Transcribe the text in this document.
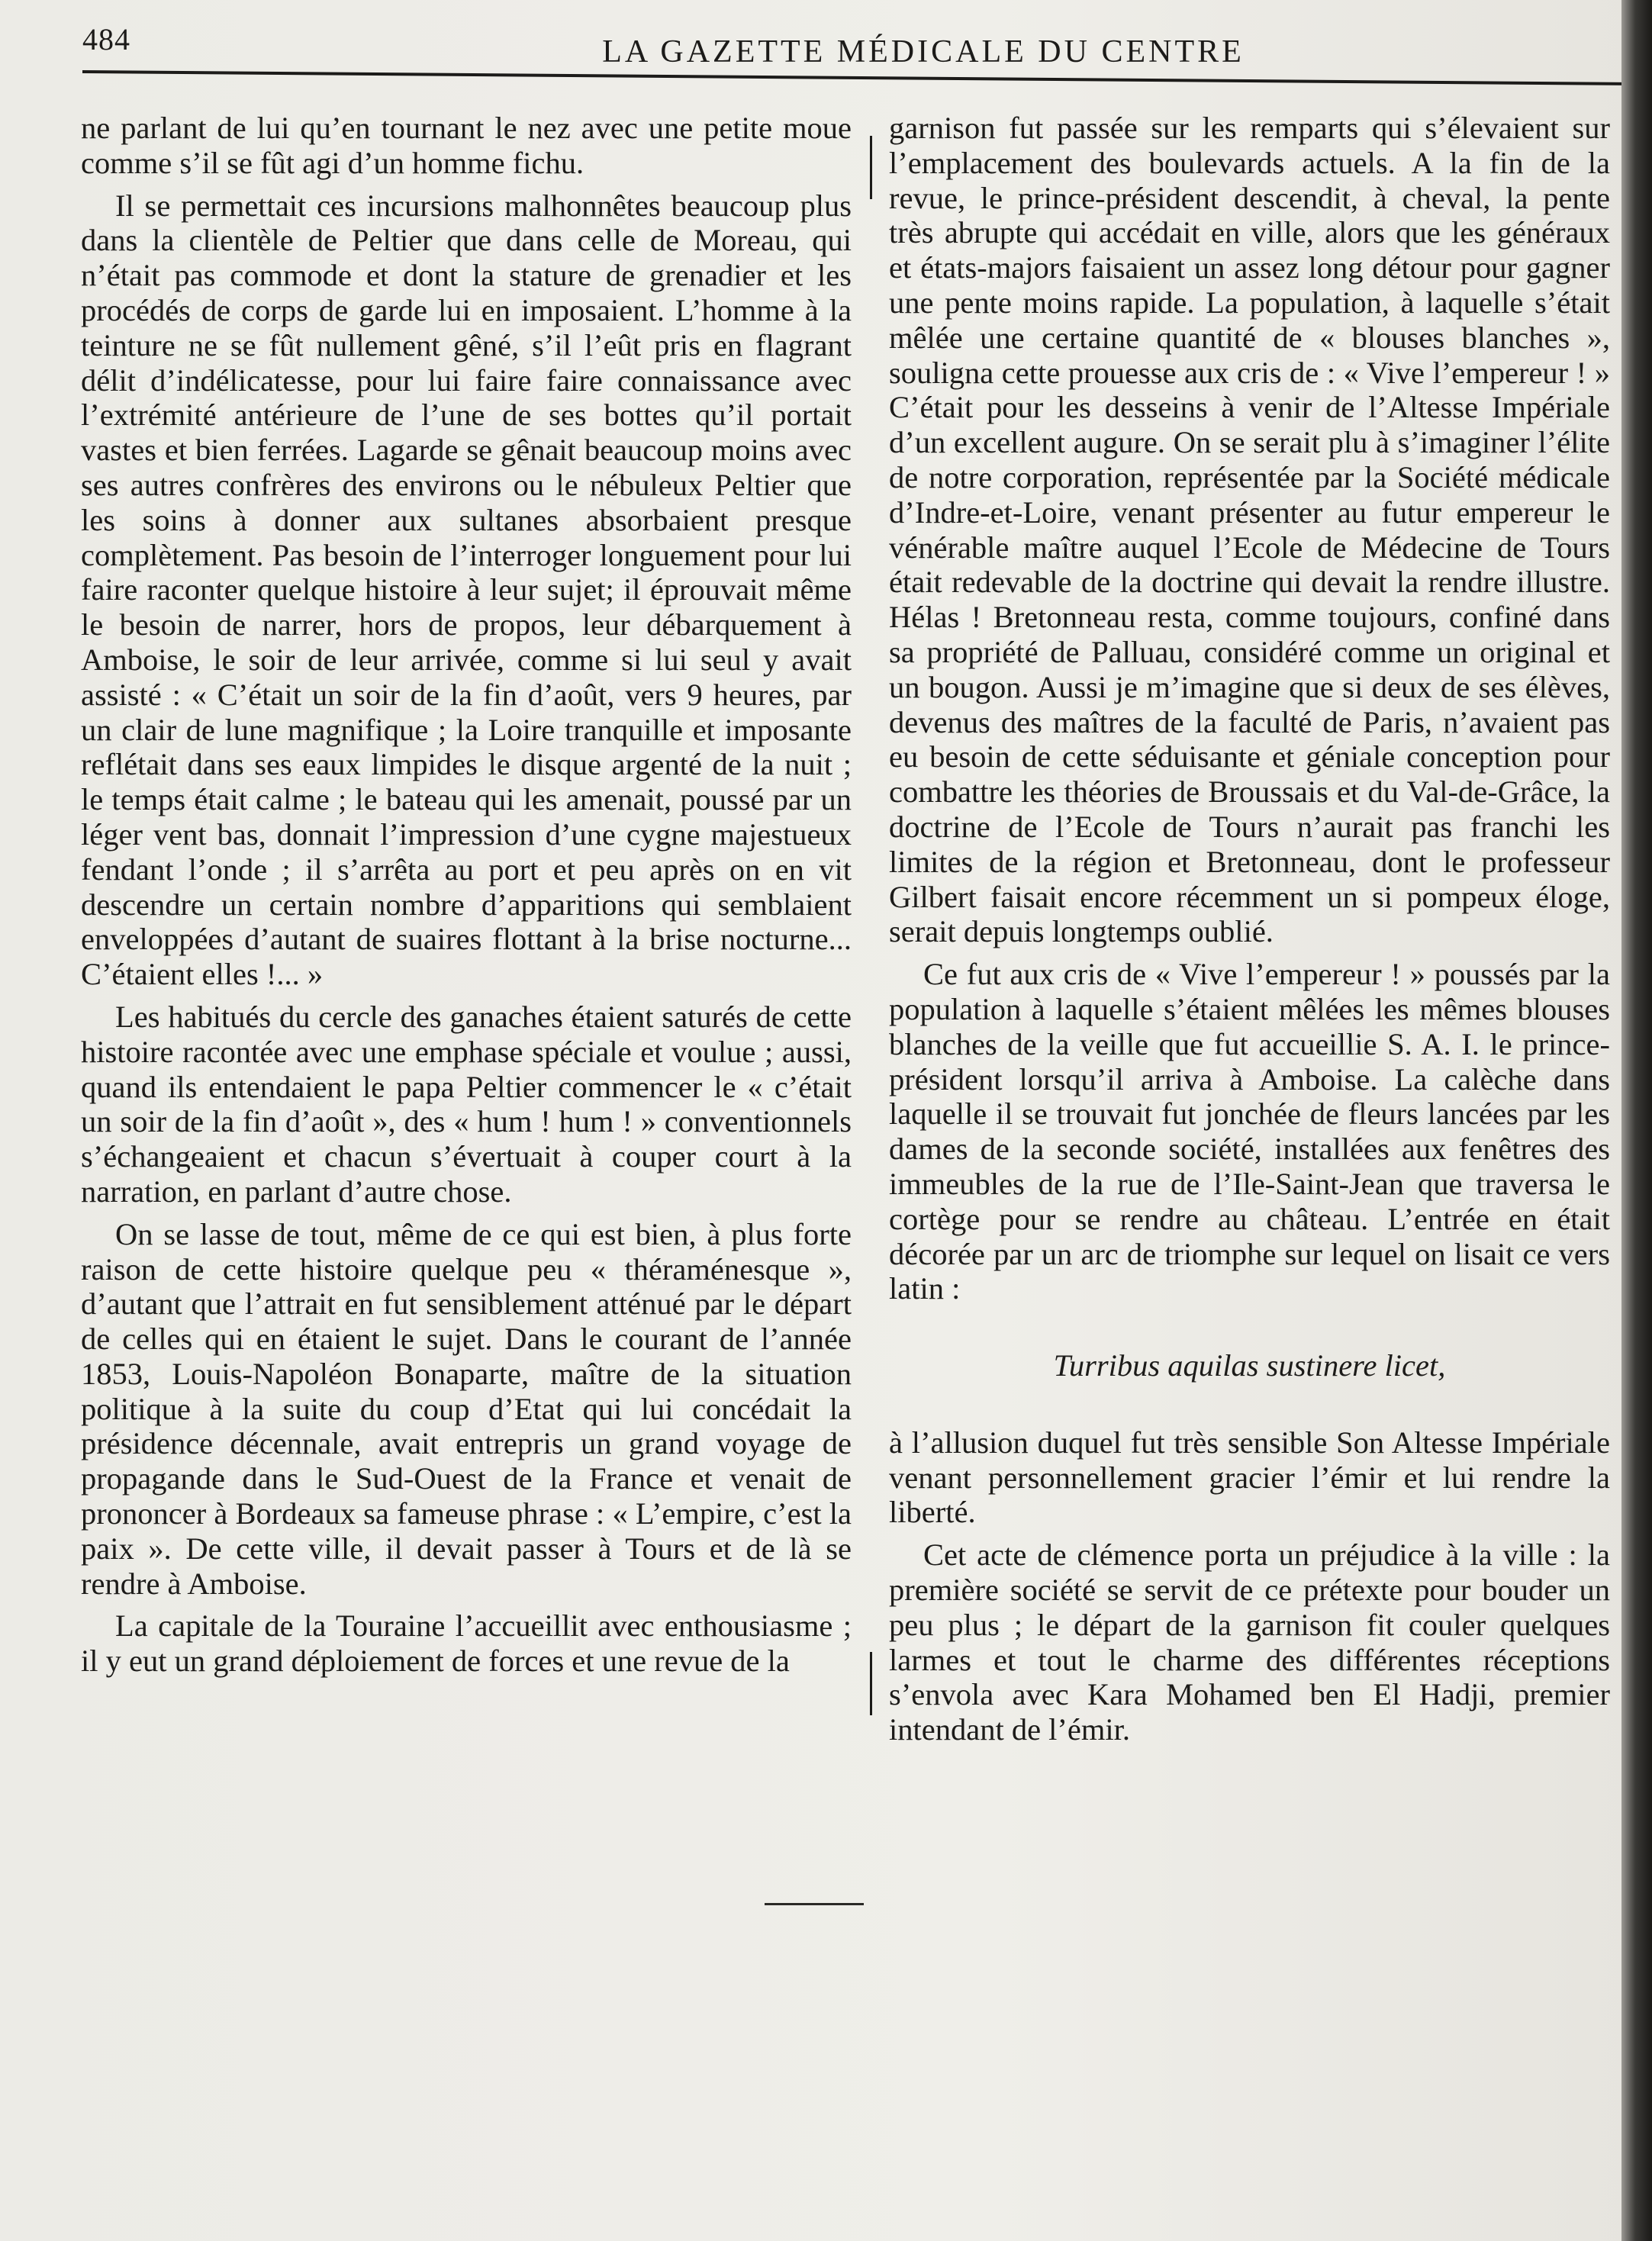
484	LA GAZETTE MÉDICALE DU CENTRE

ne parlant de lui qu’en tournant le nez avec une petite moue comme s’il se fût agi d’un homme fichu.

Il se permettait ces incursions malhonnêtes beaucoup plus dans la clientèle de Peltier que dans celle de Moreau, qui n’était pas commode et dont la stature de grenadier et les procédés de corps de garde lui en imposaient. L’homme à la teinture ne se fût nullement gêné, s’il l’eût pris en flagrant délit d’indélicatesse, pour lui faire faire connaissance avec l’extrémité antérieure de l’une de ses bottes qu’il portait vastes et bien ferrées. Lagarde se gênait beaucoup moins avec ses autres confrères des environs ou le nébuleux Peltier que les soins à donner aux sultanes absorbaient presque complètement. Pas besoin de l’interroger longuement pour lui faire raconter quelque histoire à leur sujet; il éprouvait même le besoin de narrer, hors de propos, leur débarquement à Amboise, le soir de leur arrivée, comme si lui seul y avait assisté : « C’était un soir de la fin d’août, vers 9 heures, par un clair de lune magnifique ; la Loire tranquille et imposante reflétait dans ses eaux limpides le disque argenté de la nuit ; le temps était calme ; le bateau qui les amenait, poussé par un léger vent bas, donnait l’impression d’une cygne majestueux fendant l’onde ; il s’arrêta au port et peu après on en vit descendre un certain nombre d’apparitions qui semblaient enveloppées d’autant de suaires flottant à la brise nocturne... C’étaient elles !... »

Les habitués du cercle des ganaches étaient saturés de cette histoire racontée avec une emphase spéciale et voulue ; aussi, quand ils entendaient le papa Peltier commencer le « c’était un soir de la fin d’août », des « hum ! hum ! » conventionnels s’échangeaient et chacun s’évertuait à couper court à la narration, en parlant d’autre chose.

On se lasse de tout, même de ce qui est bien, à plus forte raison de cette histoire quelque peu « théraménesque », d’autant que l’attrait en fut sensiblement atténué par le départ de celles qui en étaient le sujet. Dans le courant de l’année 1853, Louis-Napoléon Bonaparte, maître de la situation politique à la suite du coup d’Etat qui lui concédait la présidence décennale, avait entrepris un grand voyage de propagande dans le Sud-Ouest de la France et venait de prononcer à Bordeaux sa fameuse phrase : « L’empire, c’est la paix ». De cette ville, il devait passer à Tours et de là se rendre à Amboise.

La capitale de la Touraine l’accueillit avec enthousiasme ; il y eut un grand déploiement de forces et une revue de la

garnison fut passée sur les remparts qui s’élevaient sur l’emplacement des boulevards actuels. A la fin de la revue, le prince-président descendit, à cheval, la pente très abrupte qui accédait en ville, alors que les généraux et états-majors faisaient un assez long détour pour gagner une pente moins rapide. La population, à laquelle s’était mêlée une certaine quantité de « blouses blanches », souligna cette prouesse aux cris de : « Vive l’empereur ! » C’était pour les desseins à venir de l’Altesse Impériale d’un excellent augure. On se serait plu à s’imaginer l’élite de notre corporation, représentée par la Société médicale d’Indre-et-Loire, venant présenter au futur empereur le vénérable maître auquel l’Ecole de Médecine de Tours était redevable de la doctrine qui devait la rendre illustre. Hélas ! Bretonneau resta, comme toujours, confiné dans sa propriété de Palluau, considéré comme un original et un bougon. Aussi je m’imagine que si deux de ses élèves, devenus des maîtres de la faculté de Paris, n’avaient pas eu besoin de cette séduisante et géniale conception pour combattre les théories de Broussais et du Val-de-Grâce, la doctrine de l’Ecole de Tours n’aurait pas franchi les limites de la région et Bretonneau, dont le professeur Gilbert faisait encore récemment un si pompeux éloge, serait depuis longtemps oublié.

Ce fut aux cris de « Vive l’empereur ! » poussés par la population à laquelle s’étaient mêlées les mêmes blouses blanches de la veille que fut accueillie S. A. I. le prince-président lorsqu’il arriva à Amboise. La calèche dans laquelle il se trouvait fut jonchée de fleurs lancées par les dames de la seconde société, installées aux fenêtres des immeubles de la rue de l’Ile-Saint-Jean que traversa le cortège pour se rendre au château. L’entrée en était décorée par un arc de triomphe sur lequel on lisait ce vers latin :

Turribus aquilas sustinere licet,

à l’allusion duquel fut très sensible Son Altesse Impériale venant personnellement gracier l’émir et lui rendre la liberté.

Cet acte de clémence porta un préjudice à la ville : la première société se servit de ce prétexte pour bouder un peu plus ; le départ de la garnison fit couler quelques larmes et tout le charme des différentes réceptions s’envola avec Kara Mohamed ben El Hadji, premier intendant de l’émir.
